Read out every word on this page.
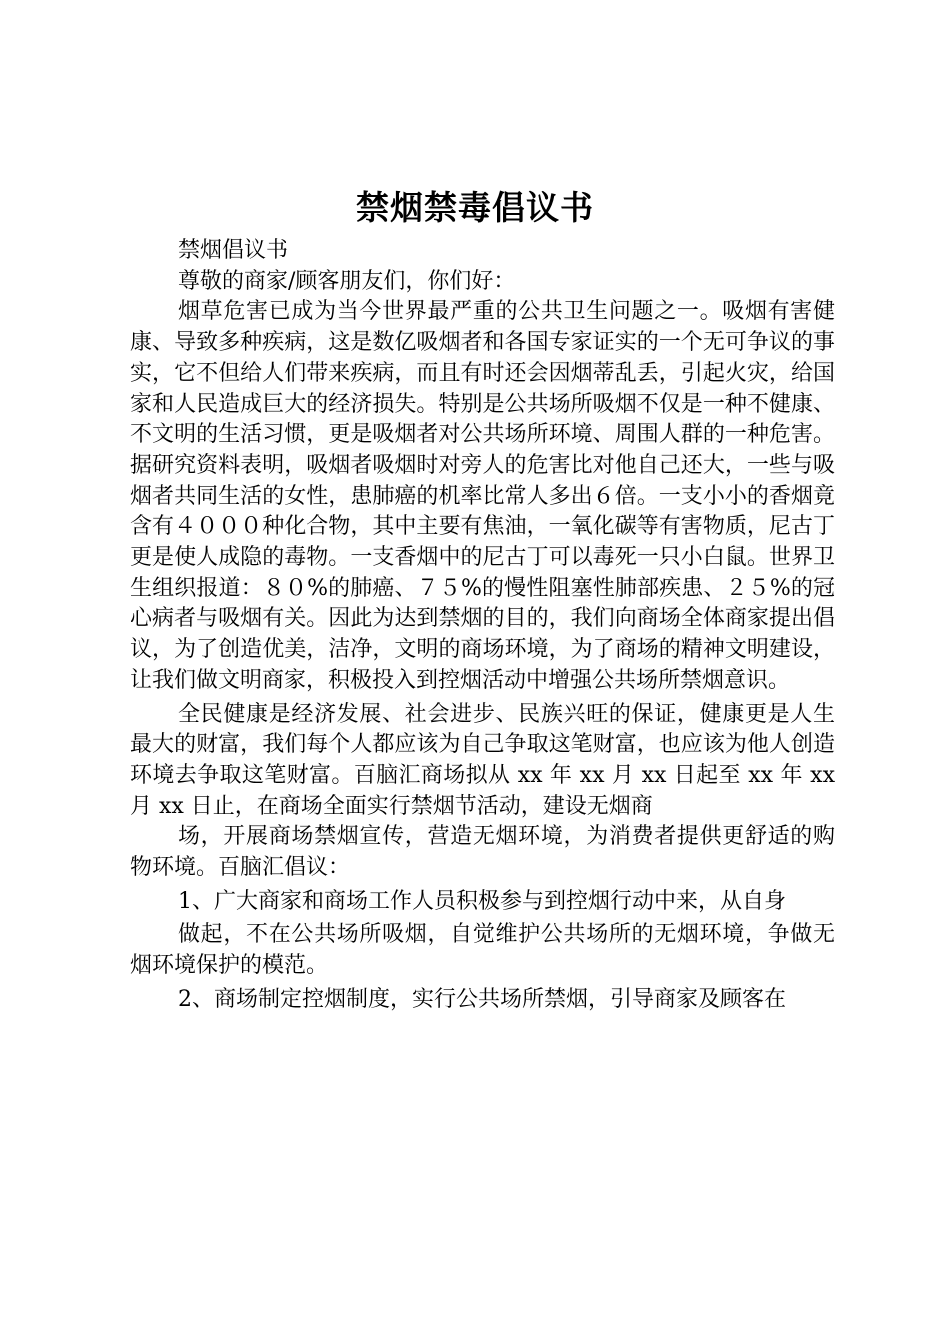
禁烟禁毒倡议书

禁烟倡议书

尊敬的商家/顾客朋友们，你们好：

烟草危害已成为当今世界最严重的公共卫生问题之一。吸烟有害健康、导致多种疾病，这是数亿吸烟者和各国专家证实的一个无可争议的事实，它不但给人们带来疾病，而且有时还会因烟蒂乱丢，引起火灾，给国家和人民造成巨大的经济损失。特别是公共场所吸烟不仅是一种不健康、不文明的生活习惯，更是吸烟者对公共场所环境、周围人群的一种危害。据研究资料表明，吸烟者吸烟时对旁人的危害比对他自己还大，一些与吸烟者共同生活的女性，患肺癌的机率比常人多出６倍。一支小小的香烟竟含有４０００种化合物，其中主要有焦油，一氧化碳等有害物质，尼古丁更是使人成隐的毒物。一支香烟中的尼古丁可以毒死一只小白鼠。世界卫生组织报道：８０%的肺癌、７５%的慢性阻塞性肺部疾患、２５%的冠心病者与吸烟有关。因此为达到禁烟的目的，我们向商场全体商家提出倡议，为了创造优美，洁净，文明的商场环境，为了商场的精神文明建设，让我们做文明商家，积极投入到控烟活动中增强公共场所禁烟意识。

全民健康是经济发展、社会进步、民族兴旺的保证，健康更是人生最大的财富，我们每个人都应该为自己争取这笔财富，也应该为他人创造环境去争取这笔财富。百脑汇商场拟从 xx 年 xx 月 xx 日起至 xx 年 xx 月 xx 日止，在商场全面实行禁烟节活动，建设无烟商

场，开展商场禁烟宣传，营造无烟环境，为消费者提供更舒适的购物环境。百脑汇倡议：

1、广大商家和商场工作人员积极参与到控烟行动中来，从自身

做起，不在公共场所吸烟，自觉维护公共场所的无烟环境，争做无烟环境保护的模范。

2、商场制定控烟制度，实行公共场所禁烟，引导商家及顾客在
